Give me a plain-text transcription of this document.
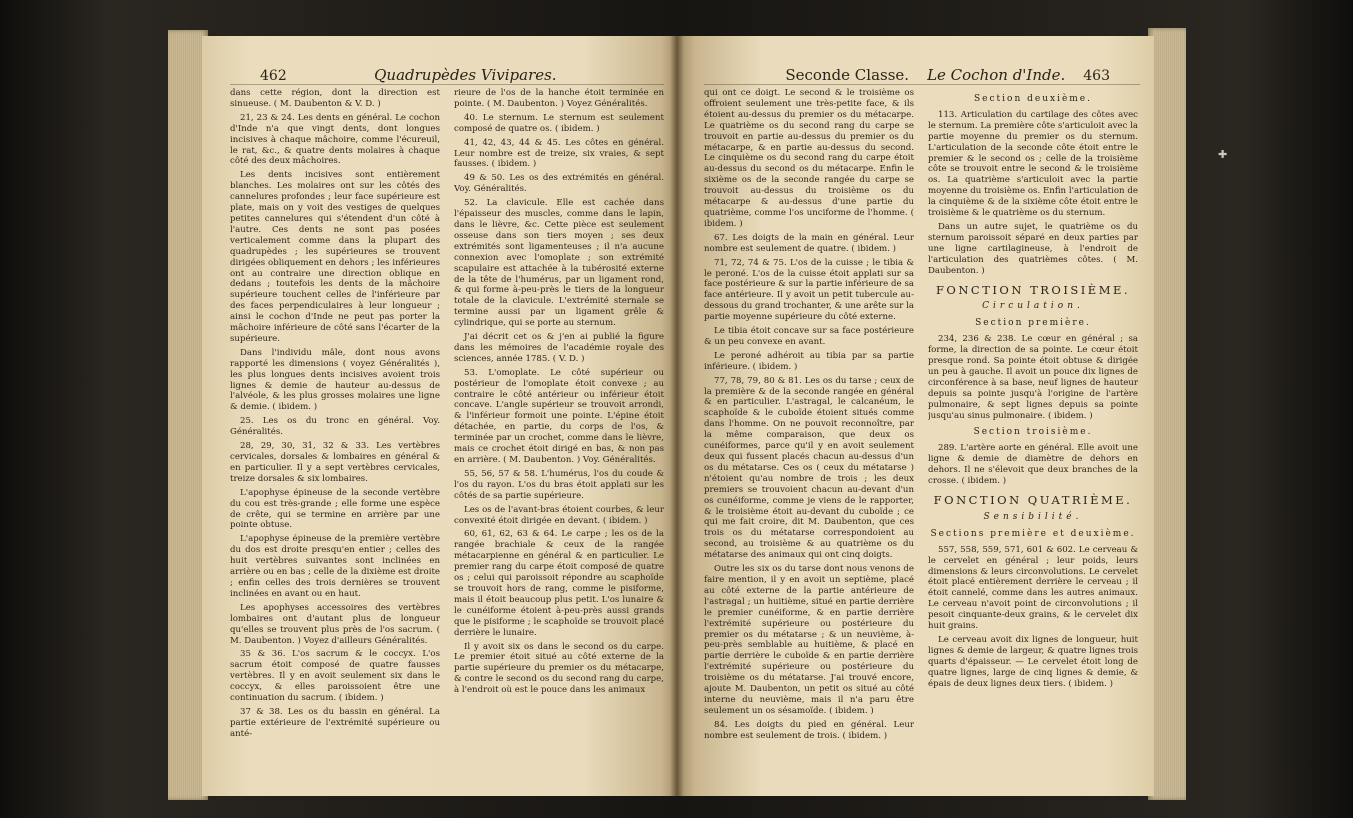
462	Quadrupèdes Vivipares.

dans cette région, dont la direction est sinueuse. ( M. Daubenton & V. D. )

21, 23 & 24. Les dents en général. Le cochon d'Inde n'a que vingt dents, dont longues incisives à chaque mâchoire, comme l'écureuil, le rat, &c., & quatre dents molaires à chaque côté des deux mâchoires.

Les dents incisives sont entièrement blanches. Les molaires ont sur les côtés des cannelures profondes ; leur face supérieure est plate, mais on y voit des vestiges de quelques petites cannelures qui s'étendent d'un côté à l'autre. Ces dents ne sont pas posées verticalement comme dans la plupart des quadrupèdes ; les supérieures se trouvent dirigées obliquement en dehors ; les inférieures ont au contraire une direction oblique en dedans ; toutefois les dents de la mâchoire supérieure touchent celles de l'inférieure par des faces perpendiculaires à leur longueur ; ainsi le cochon d'Inde ne peut pas porter la mâchoire inférieure de côté sans l'écarter de la supérieure.

Dans l'individu mâle, dont nous avons rapporté les dimensions ( voyez Généralités ), les plus longues dents incisives avoient trois lignes & demie de hauteur au-dessus de l'alvéole, & les plus grosses molaires une ligne & demie. ( ibidem. )

25. Les os du tronc en général. Voy. Généralités.

28, 29, 30, 31, 32 & 33. Les vertèbres cervicales, dorsales & lombaires en général & en particulier. Il y a sept vertèbres cervicales, treize dorsales & six lombaires.

L'apophyse épineuse de la seconde vertèbre du cou est très-grande ; elle forme une espèce de crête, qui se termine en arrière par une pointe obtuse.

L'apophyse épineuse de la première vertèbre du dos est droite presqu'en entier ; celles des huit vertèbres suivantes sont inclinées en arrière ou en bas ; celle de la dixième est droite ; enfin celles des trois dernières se trouvent inclinées en avant ou en haut.

Les apophyses accessoires des vertèbres lombaires ont d'autant plus de longueur qu'elles se trouvent plus près de l'os sacrum. ( M. Daubenton. ) Voyez d'ailleurs Généralités.

35 & 36. L'os sacrum & le coccyx. L'os sacrum étoit composé de quatre fausses vertèbres. Il y en avoit seulement six dans le coccyx, & elles paroissoient être une continuation du sacrum. ( ibidem. )

37 & 38. Les os du bassin en général. La partie extérieure de l'extrémité supérieure ou anté-

rieure de l'os de la hanche étoit terminée en pointe. ( M. Daubenton. ) Voyez Généralités.

40. Le sternum. Le sternum est seulement composé de quatre os. ( ibidem. )

41, 42, 43, 44 & 45. Les côtes en général. Leur nombre est de treize, six vraies, & sept fausses. ( ibidem. )

49 & 50. Les os des extrémités en général. Voy. Généralités.

52. La clavicule. Elle est cachée dans l'épaisseur des muscles, comme dans le lapin, dans le lièvre, &c. Cette pièce est seulement osseuse dans son tiers moyen ; ses deux extrémités sont ligamenteuses ; il n'a aucune connexion avec l'omoplate ; son extrémité scapulaire est attachée à la tubérosité externe de la tête de l'humérus, par un ligament rond, & qui forme à-peu-près le tiers de la longueur totale de la clavicule. L'extrémité sternale se termine aussi par un ligament grêle & cylindrique, qui se porte au sternum.

J'ai décrit cet os & j'en ai publié la figure dans les mémoires de l'académie royale des sciences, année 1785. ( V. D. )

53. L'omoplate. Le côté supérieur ou postérieur de l'omoplate étoit convexe ; au contraire le côté antérieur ou inférieur étoit concave. L'angle supérieur se trouvoit arrondi, & l'inférieur formoit une pointe. L'épine étoit détachée, en partie, du corps de l'os, & terminée par un crochet, comme dans le lièvre, mais ce crochet étoit dirigé en bas, & non pas en arrière. ( M. Daubenton. ) Voy. Généralités.

55, 56, 57 & 58. L'humérus, l'os du coude & l'os du rayon. L'os du bras étoit applati sur les côtés de sa partie supérieure.

Les os de l'avant-bras étoient courbes, & leur convexité étoit dirigée en devant. ( ibidem. )

60, 61, 62, 63 & 64. Le carpe ; les os de la rangée brachiale & ceux de la rangée métacarpienne en général & en particulier. Le premier rang du carpe étoit composé de quatre os ; celui qui paroissoit répondre au scaphoïde se trouvoit hors de rang, comme le pisiforme, mais il étoit beaucoup plus petit. L'os lunaire & le cunéiforme étoient à-peu-près aussi grands que le pisiforme ; le scaphoïde se trouvoit placé derrière le lunaire.

Il y avoit six os dans le second os du carpe. Le premier étoit situé au côté externe de la partie supérieure du premier os du métacarpe, & contre le second os du second rang du carpe, à l'endroit où est le pouce dans les animaux

Seconde Classe. Le Cochon d'Inde. 463

qui ont ce doigt. Le second & le troisième os offroient seulement une très-petite face, & ils étoient au-dessus du premier os du métacarpe. Le quatrième os du second rang du carpe se trouvoit en partie au-dessus du premier os du métacarpe, & en partie au-dessus du second. Le cinquième os du second rang du carpe étoit au-dessus du second os du métacarpe. Enfin le sixième os de la seconde rangée du carpe se trouvoit au-dessus du troisième os du métacarpe & au-dessus d'une partie du quatrième, comme l'os unciforme de l'homme. ( ibidem. )

67. Les doigts de la main en général. Leur nombre est seulement de quatre. ( ibidem. )

71, 72, 74 & 75. L'os de la cuisse ; le tibia & le peroné. L'os de la cuisse étoit applati sur sa face postérieure & sur la partie inférieure de sa face antérieure. Il y avoit un petit tubercule au-dessous du grand trochanter, & une arête sur la partie moyenne supérieure du côté externe.

Le tibia étoit concave sur sa face postérieure & un peu convexe en avant.

Le peroné adhéroit au tibia par sa partie inférieure. ( ibidem. )

77, 78, 79, 80 & 81. Les os du tarse ; ceux de la première & de la seconde rangée en général & en particulier. L'astragal, le calcanéum, le scaphoïde & le cuboïde étoient situés comme dans l'homme. On ne pouvoit reconnoître, par la même comparaison, que deux os cunéiformes, parce qu'il y en avoit seulement deux qui fussent placés chacun au-dessus d'un os du métatarse. Ces os ( ceux du métatarse ) n'étoient qu'au nombre de trois ; les deux premiers se trouvoient chacun au-devant d'un os cunéiforme, comme je viens de le rapporter, & le troisième étoit au-devant du cuboïde ; ce qui me fait croire, dit M. Daubenton, que ces trois os du métatarse correspondoient au second, au troisième & au quatrième os du métatarse des animaux qui ont cinq doigts.

Outre les six os du tarse dont nous venons de faire mention, il y en avoit un septième, placé au côté externe de la partie antérieure de l'astragal ; un huitième, situé en partie derrière le premier cunéiforme, & en partie derrière l'extrémité supérieure ou postérieure du premier os du métatarse ; & un neuvième, à-peu-près semblable au huitième, & placé en partie derrière le cuboïde & en partie derrière l'extrémité supérieure ou postérieure du troisième os du métatarse. J'ai trouvé encore, ajoute M. Daubenton, un petit os situé au côté interne du neuvième, mais il n'a paru être seulement un os sésamoïde. ( ibidem. )

84. Les doigts du pied en général. Leur nombre est seulement de trois. ( ibidem. )

Section deuxième.

113. Articulation du cartilage des côtes avec le sternum. La première côte s'articuloit avec la partie moyenne du premier os du sternum. L'articulation de la seconde côte étoit entre le premier & le second os ; celle de la troisième côte se trouvoit entre le second & le troisième os. La quatrième s'articuloit avec la partie moyenne du troisième os. Enfin l'articulation de la cinquième & de la sixième côte étoit entre le troisième & le quatrième os du sternum.

Dans un autre sujet, le quatrième os du sternum paroissoit séparé en deux parties par une ligne cartilagineuse, à l'endroit de l'articulation des quatrièmes côtes. ( M. Daubenton. )

FONCTION TROISIÈME.
Circulation.
Section première.

234, 236 & 238. Le cœur en général ; sa forme, la direction de sa pointe. Le cœur étoit presque rond. Sa pointe étoit obtuse & dirigée un peu à gauche. Il avoit un pouce dix lignes de circonférence à sa base, neuf lignes de hauteur depuis sa pointe jusqu'à l'origine de l'artère pulmonaire, & sept lignes depuis sa pointe jusqu'au sinus pulmonaire. ( ibidem. )

Section troisième.

289. L'artère aorte en général. Elle avoit une ligne & demie de diamètre de dehors en dehors. Il ne s'élevoit que deux branches de la crosse. ( ibidem. )

FONCTION QUATRIÈME.
Sensibilité.
Sections première et deuxième.

557, 558, 559, 571, 601 & 602. Le cerveau & le cervelet en général ; leur poids, leurs dimensions & leurs circonvolutions. Le cervelet étoit placé entièrement derrière le cerveau ; il étoit cannelé, comme dans les autres animaux. Le cerveau n'avoit point de circonvolutions ; il pesoit cinquante-deux grains, & le cervelet dix huit grains.

Le cerveau avoit dix lignes de longueur, huit lignes & demie de largeur, & quatre lignes trois quarts d'épaisseur. — Le cervelet étoit long de quatre lignes, large de cinq lignes & demie, & épais de deux lignes deux tiers. ( ibidem. )

✚
